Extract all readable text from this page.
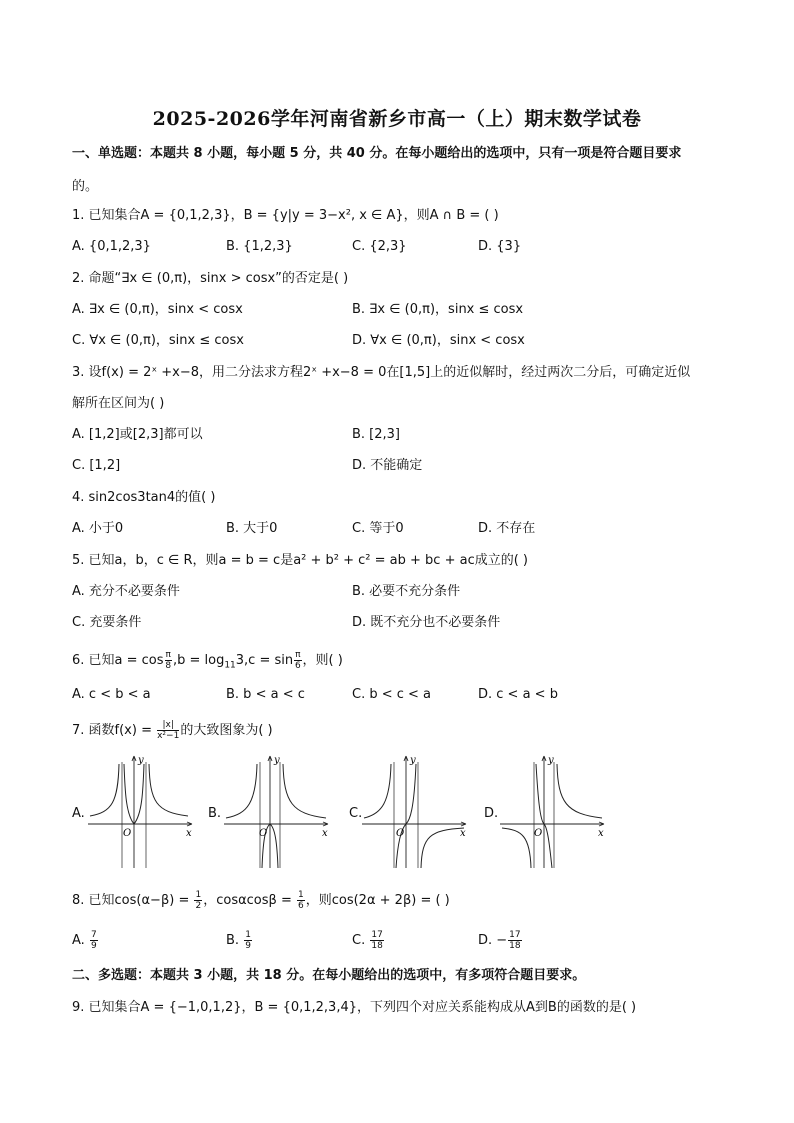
2025-2026学年河南省新乡市高一（上）期末数学试卷
一、单选题：本题共 8 小题，每小题 5 分，共 40 分。在每小题给出的选项中，只有一项是符合题目要求
的。
1. 已知集合A = {0,1,2,3}，B = {y|y = 3−x², x ∈ A}，则A ∩ B = ( )
A. {0,1,2,3}	B. {1,2,3}	C. {2,3}	D. {3}
2. 命题“∃x ∈ (0,π)，sinx > cosx”的否定是( )
A. ∃x ∈ (0,π)，sinx < cosx	B. ∃x ∈ (0,π)，sinx ≤ cosx
C. ∀x ∈ (0,π)，sinx ≤ cosx	D. ∀x ∈ (0,π)，sinx < cosx
3. 设f(x) = 2ˣ +x−8，用二分法求方程2ˣ +x−8 = 0在[1,5]上的近似解时，经过两次二分后，可确定近似
解所在区间为( )
A. [1,2]或[2,3]都可以	B. [2,3]
C. [1,2]	D. 不能确定
4. sin2cos3tan4的值( )
A. 小于0	B. 大于0	C. 等于0	D. 不存在
5. 已知a，b，c ∈ R，则a = b = c是a² + b² + c² = ab + bc + ac成立的( )
A. 充分不必要条件	B. 必要不充分条件
C. 充要条件	D. 既不充分也不必要条件
6. 已知$a = \cos \frac{\pi}{8} ,b = \log_{11}3,c = \sin \frac{\pi}{6}$ ，则( )
A. c < b < a	B. b < a < c	C. b < c < a	D. c < a < b
7. 函数$f(x) = \frac{|x|}{\text{x²−1}}$ 的大致图象为( )
A.	B.	C.	D.
y
x
O
y
x
O
y
x
O
y
x
O
8. 已知$\cos(\alpha-\beta) = \frac{1}{2}$ ，$\cos\alpha\cos\beta = \frac{1}{6}$ ，则cos(2α + 2β) = ( )
A. $\frac{7}{9}$	B. $\frac{1}{9}$	C. $\frac{17}{18}$	D. − $\frac{17}{18}$
二、多选题：本题共 3 小题，共 18 分。在每小题给出的选项中，有多项符合题目要求。
9. 已知集合A = {−1,0,1,2}，B = {0,1,2,3,4}，下列四个对应关系能构成从A到B的函数的是( )
